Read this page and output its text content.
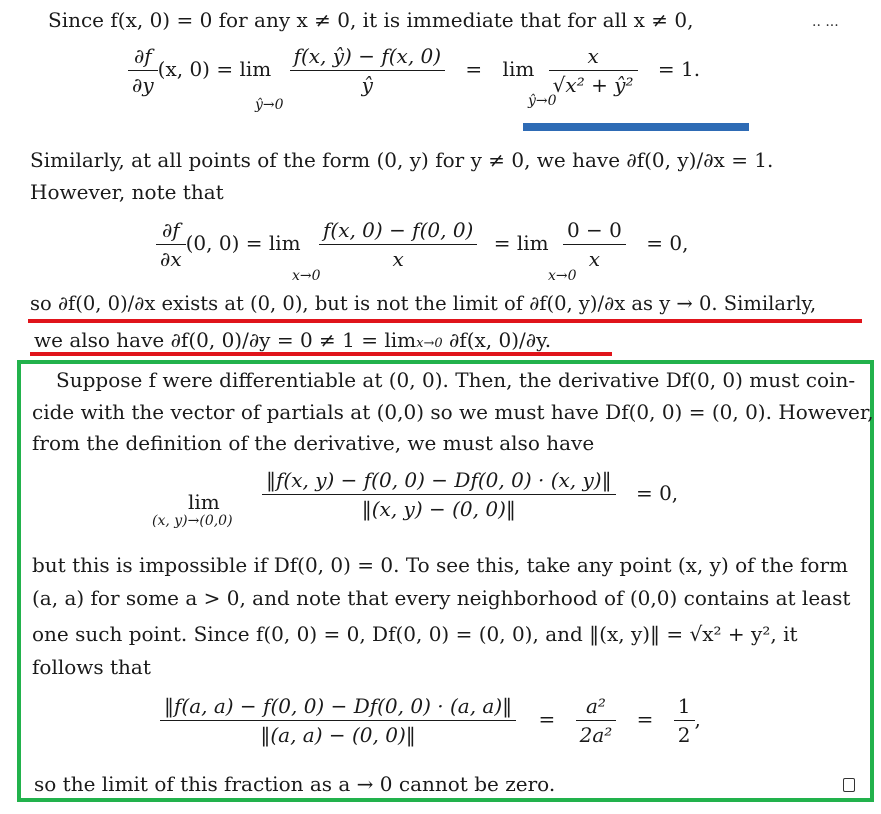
Since f(x, 0) = 0 for any x ≠ 0, it is immediate that for all x ≠ 0,	.. ...
$\frac{\partial f}{\partial y} (x$, $0) = \lim \frac{f(x, ŷ) - f(x, 0)}{ŷ} = \lim \frac{x}{\text{√x² + ŷ²}} = 1$.
ŷ→0	ŷ→0
Similarly, at all points of the form (0, y) for y ≠ 0, we have ∂f(0, y)/∂x = 1.
However, note that
$\frac{\partial f}{\partial x} (0$, $0) = \lim \frac{f(x, 0) - f(0, 0)}{x} = \lim \frac{0 - 0}{x} = 0$,
x→0	x→0
so ∂f(0, 0)/∂x exists at (0, 0), but is not the limit of ∂f(0, y)/∂x as y → 0. Similarly,
we also have ∂f(0, 0)/∂y = 0 ≠ 1 = limx→0 ∂f(x, 0)/∂y.
Suppose f were differentiable at (0, 0). Then, the derivative Df(0, 0) must coin-
cide with the vector of partials at (0,0) so we must have Df(0, 0) = (0, 0). However,
from the definition of the derivative, we must also have
lim
(x, $y)\to(0,0) \frac{‖f(x, y) - f(0, 0) - Df(0, 0) \cdot (x, y)‖}{‖(x, y) - (0, 0)‖} = 0$,
but this is impossible if Df(0, 0) = 0. To see this, take any point (x, y) of the form
(a, a) for some a > 0, and note that every neighborhood of (0,0) contains at least
one such point. Since f(0, 0) = 0, Df(0, 0) = (0, 0), and ‖(x, y)‖ = √x² + y², it
follows that
$\frac{‖f(a, a) - f(0, 0) - Df(0, 0) \cdot (a, a)‖}{‖(a, a) - (0, 0)‖} = \frac{\text{a²}}{\text{2a²}} = \frac{1}{2}$ ,
so the limit of this fraction as a → 0 cannot be zero.
